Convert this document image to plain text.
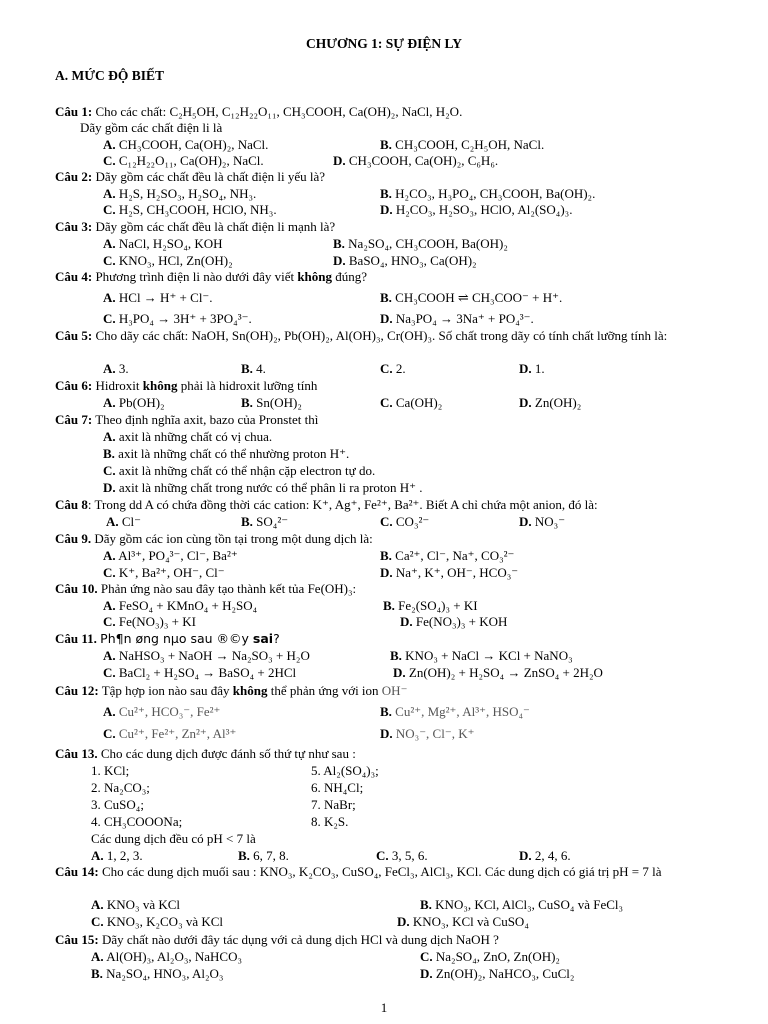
CHƯƠNG 1: SỰ ĐIỆN LY
A. MỨC ĐỘ BIẾT
Câu 1: Cho các chất: C₂H₅OH, C₁₂H₂₂O₁₁, CH₃COOH, Ca(OH)₂, NaCl, H₂O.
Dãy gồm các chất điện li là
A. CH₃COOH, Ca(OH)₂, NaCl.	B. CH₃COOH, C₂H₅OH, NaCl.
C. C₁₂H₂₂O₁₁, Ca(OH)₂, NaCl.	D. CH₃COOH, Ca(OH)₂, C₆H₆.
Câu 2: Dãy gồm các chất đều là chất điện li yếu là?
A. H₂S, H₂SO₃, H₂SO₄, NH₃.	B. H₂CO₃, H₃PO₄, CH₃COOH, Ba(OH)₂.
C. H₂S, CH₃COOH, HClO, NH₃.	D. H₂CO₃, H₂SO₃, HClO, Al₂(SO₄)₃.
Câu 3: Dãy gồm các chất đều là chất điện li mạnh là?
A. NaCl, H₂SO₄, KOH	B. Na₂SO₄, CH₃COOH, Ba(OH)₂
C. KNO₃, HCl, Zn(OH)₂	D. BaSO₄, HNO₃, Ca(OH)₂
Câu 4: Phương trình điện li nào dưới đây viết không đúng?
A. HCl → H⁺ + Cl⁻.	B. CH₃COOH ⇌ CH₃COO⁻ + H⁺.
C. H₃PO₄ → 3H⁺ + 3PO₄³⁻.	D. Na₃PO₄ → 3Na⁺ + PO₄³⁻.
Câu 5: Cho dãy các chất: NaOH, Sn(OH)₂, Pb(OH)₂, Al(OH)₃, Cr(OH)₃. Số chất trong dãy có tính chất lưỡng tính là:
A. 3.	B. 4.	C. 2.	D. 1.
Câu 6: Hidroxit không phải là hidroxit lưỡng tính
A. Pb(OH)₂	B. Sn(OH)₂	C. Ca(OH)₂	D. Zn(OH)₂
Câu 7: Theo định nghĩa axit, bazo của Pronstet thì
A. axit là những chất có vị chua.
B. axit là những chất có thể nhường proton H⁺.
C. axit là những chất có thể nhận cặp electron tự do.
D. axit là những chất trong nước có thể phân li ra proton H⁺ .
Câu 8: Trong dd A có chứa đồng thời các cation: K⁺, Ag⁺, Fe²⁺, Ba²⁺. Biết A chỉ chứa một anion, đó là:
A. Cl⁻	B. SO₄²⁻	C. CO₃²⁻	D. NO₃⁻
Câu 9. Dãy gồm các ion cùng tồn tại trong một dung dịch là:
A. Al³⁺, PO₄³⁻, Cl⁻, Ba²⁺	B. Ca²⁺, Cl⁻, Na⁺, CO₃²⁻
C. K⁺, Ba²⁺, OH⁻, Cl⁻	D. Na⁺, K⁺, OH⁻, HCO₃⁻
Câu 10. Phản ứng nào sau đây tạo thành kết tủa Fe(OH)₃:
A. FeSO₄ + KMnO₄ + H₂SO₄	B. Fe₂(SO₄)₃ + KI
C. Fe(NO₃)₃ + KI	D. Fe(NO₃)₃ + KOH
Câu 11. Ph¶n øng nµo sau ®©y sai?
A. NaHSO₃ + NaOH → Na₂SO₃ + H₂O	B. KNO₃ + NaCl → KCl + NaNO₃
C. BaCl₂ + H₂SO₄ → BaSO₄ + 2HCl	D. Zn(OH)₂ + H₂SO₄ → ZnSO₄ + 2H₂O
Câu 12: Tập hợp ion nào sau đây không thể phản ứng với ion OH⁻
A. Cu²⁺, HCO₃⁻, Fe²⁺	B. Cu²⁺, Mg²⁺, Al³⁺, HSO₄⁻
C. Cu²⁺, Fe²⁺, Zn²⁺, Al³⁺	D. NO₃⁻, Cl⁻, K⁺
Câu 13. Cho các dung dịch được đánh số thứ tự như sau :
1. KCl;	5. Al₂(SO₄)₃;
2. Na₂CO₃;	6. NH₄Cl;
3. CuSO₄;	7. NaBr;
4. CH₃COOONa;	8. K₂S.
Các dung dịch đều có pH < 7 là
A. 1, 2, 3.	B. 6, 7, 8.	C. 3, 5, 6.	D. 2, 4, 6.
Câu 14: Cho các dung dịch muối sau : KNO₃, K₂CO₃, CuSO₄, FeCl₃, AlCl₃, KCl. Các dung dịch có giá trị pH = 7 là
A. KNO₃ và KCl	B. KNO₃, KCl, AlCl₃, CuSO₄ và FeCl₃
C. KNO₃, K₂CO₃ và KCl	D. KNO₃, KCl và CuSO₄
Câu 15: Dãy chất nào dưới đây tác dụng với cả dung dịch HCl và dung dịch NaOH ?
A. Al(OH)₃, Al₂O₃, NaHCO₃	C. Na₂SO₄, ZnO, Zn(OH)₂
B. Na₂SO₄, HNO₃, Al₂O₃	D. Zn(OH)₂, NaHCO₃, CuCl₂
1
